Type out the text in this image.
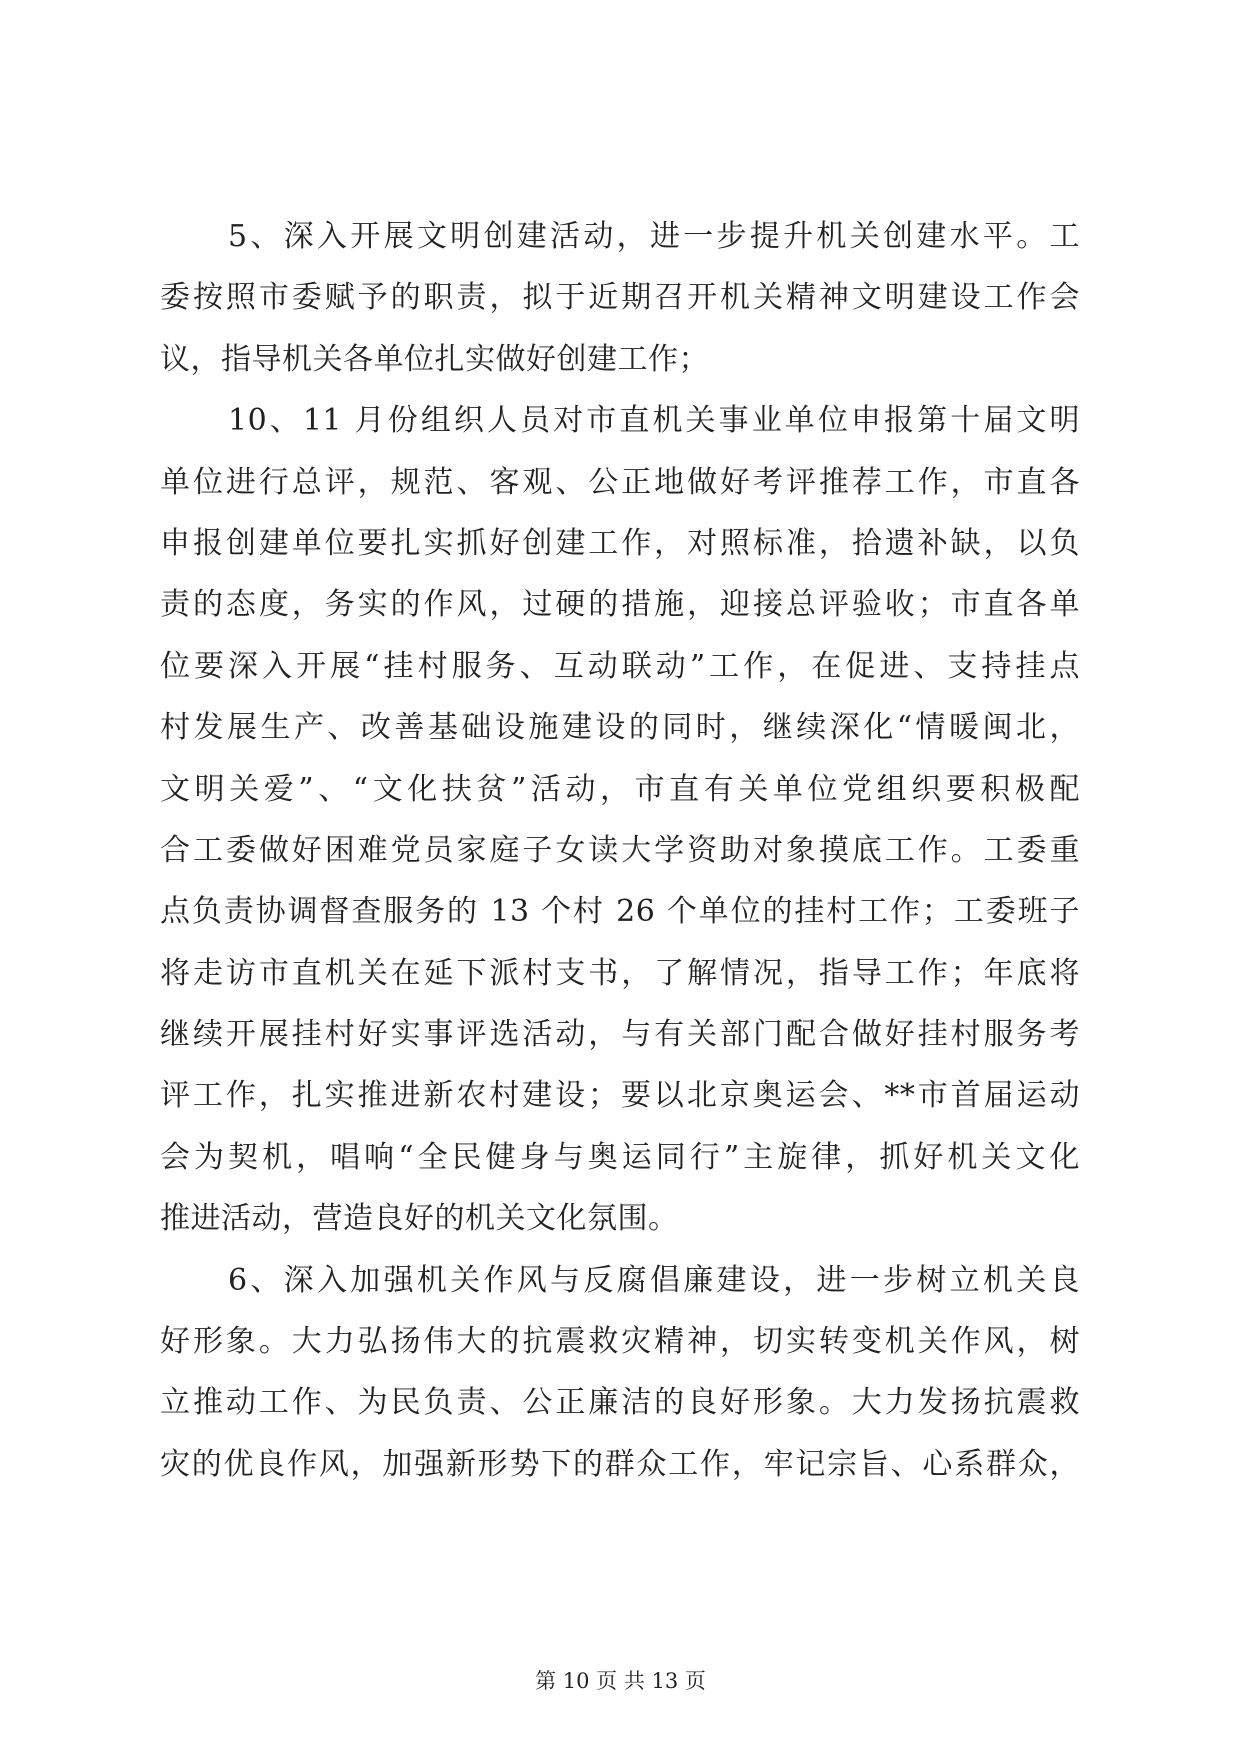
5、深入开展文明创建活动，进一步提升机关创建水平。工
委按照市委赋予的职责，拟于近期召开机关精神文明建设工作会
议，指导机关各单位扎实做好创建工作；
10、11 月份组织人员对市直机关事业单位申报第十届文明
单位进行总评，规范、客观、公正地做好考评推荐工作，市直各
申报创建单位要扎实抓好创建工作，对照标准，拾遗补缺，以负
责的态度，务实的作风，过硬的措施，迎接总评验收；市直各单
位要深入开展“挂村服务、互动联动”工作，在促进、支持挂点
村发展生产、改善基础设施建设的同时，继续深化“情暖闽北，
文明关爱”、“文化扶贫”活动，市直有关单位党组织要积极配
合工委做好困难党员家庭子女读大学资助对象摸底工作。工委重
点负责协调督查服务的 13 个村 26 个单位的挂村工作；工委班子
将走访市直机关在延下派村支书，了解情况，指导工作；年底将
继续开展挂村好实事评选活动，与有关部门配合做好挂村服务考
评工作，扎实推进新农村建设；要以北京奥运会、**市首届运动
会为契机，唱响“全民健身与奥运同行”主旋律，抓好机关文化
推进活动，营造良好的机关文化氛围。
6、深入加强机关作风与反腐倡廉建设，进一步树立机关良
好形象。大力弘扬伟大的抗震救灾精神，切实转变机关作风，树
立推动工作、为民负责、公正廉洁的良好形象。大力发扬抗震救
灾的优良作风，加强新形势下的群众工作，牢记宗旨、心系群众，
第 10 页 共 13 页
